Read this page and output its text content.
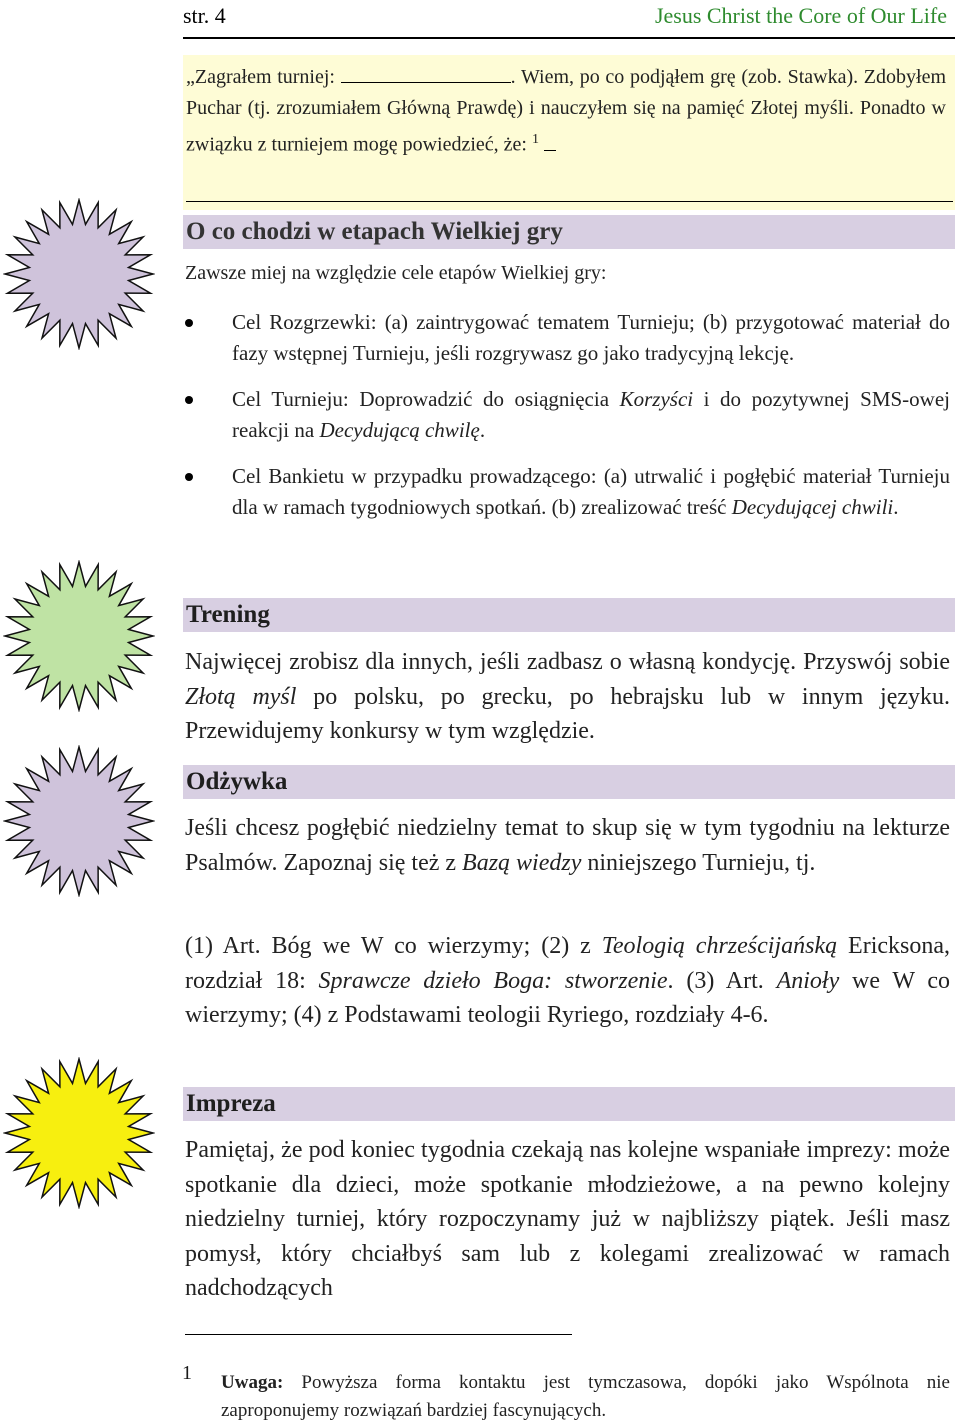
str. 4	Jesus Christ the Core of Our Life
„Zagrałem turniej:	. Wiem, po co podjąłem grę (zob. Stawka). Zdobyłem Puchar (tj. zrozumiałem Główną Prawdę) i nauczyłem się na pamięć Złotej myśli. Ponadto w związku z turniejem mogę powiedzieć, że: $^1$
O co chodzi w etapach Wielkiej gry
Zawsze miej na względzie cele etapów Wielkiej gry:
Cel Rozgrzewki: (a) zaintrygować tematem Turnieju; (b) przygotować materiał do fazy wstępnej Turnieju, jeśli rozgrywasz go jako tradycyjną lekcję.
Cel Turnieju: Doprowadzić do osiągnięcia Korzyści i do pozytywnej SMS-owej reakcji na Decydującą chwilę.
Cel Bankietu w przypadku prowadzącego: (a) utrwalić i pogłębić materiał Turnieju dla w ramach tygodniowych spotkań. (b) zrealizować treść Decydującej chwili.
Trening
Najwięcej zrobisz dla innych, jeśli zadbasz o własną kondycję. Przyswój sobie Złotą myśl po polsku, po grecku, po hebrajsku lub w innym języku. Przewidujemy konkursy w tym względzie.
Odżywka
Jeśli chcesz pogłębić niedzielny temat to skup się w tym tygodniu na lekturze Psalmów. Zapoznaj się też z Bazą wiedzy niniejszego Turnieju, tj.
(1) Art. Bóg we W co wierzymy; (2) z Teologią chrześcijańską Ericksona, rozdział 18: Sprawcze dzieło Boga: stworzenie. (3) Art. Anioły we W co wierzymy; (4) z Podstawami teologii Ryriego, rozdziały 4-6.
Impreza
Pamiętaj, że pod koniec tygodnia czekają nas kolejne wspaniałe imprezy: może spotkanie dla dzieci, może spotkanie młodzieżowe, a na pewno kolejny niedzielny turniej, który rozpoczynamy już w najbliższy piątek. Jeśli masz pomysł, który chciałbyś sam lub z kolegami zrealizować w ramach nadchodzących
1 Uwaga: Powyższa forma kontaktu jest tymczasowa, dopóki jako Wspólnota nie zaproponujemy rozwiązań bardziej fascynujących.
